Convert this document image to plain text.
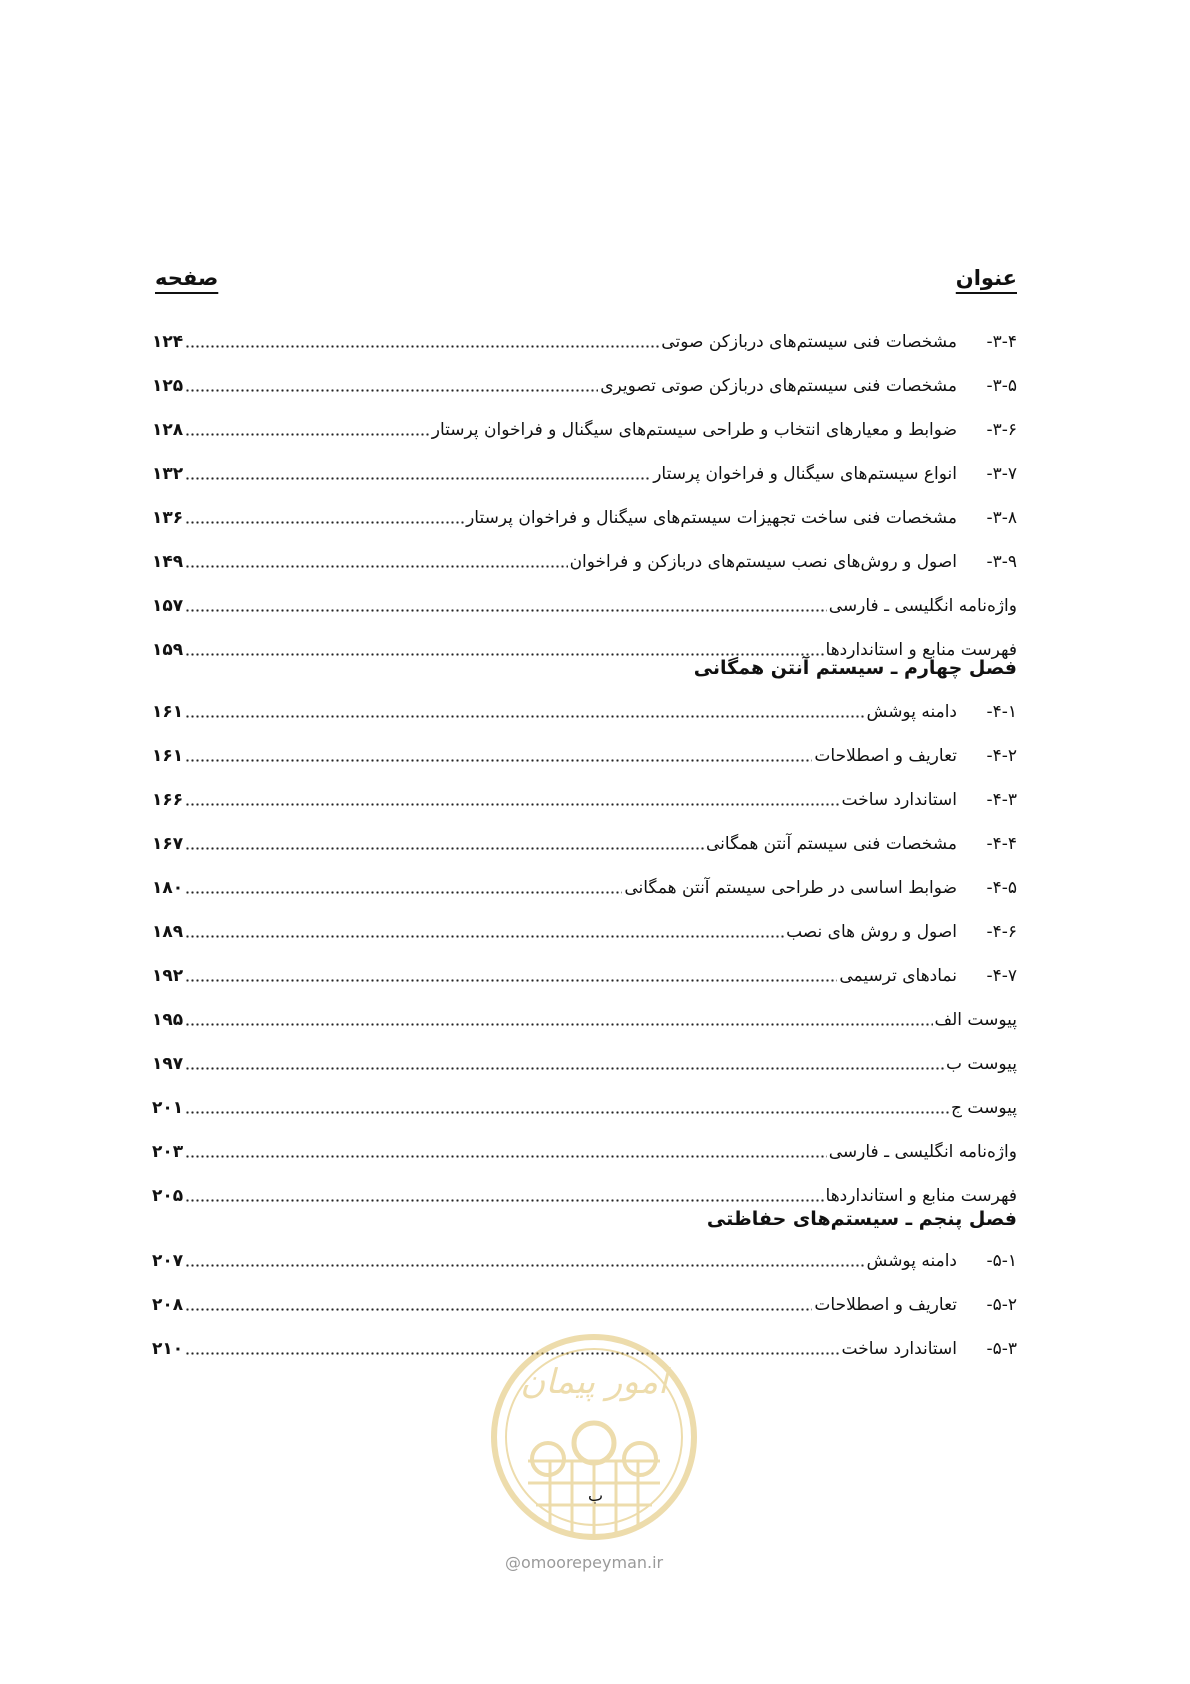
عنوان
صفحه
۳-۴-
مشخصات فنی سیستم‌های دربازکن صوتی
۱۲۴
۳-۵-
مشخصات فنی سیستم‌های دربازکن صوتی تصویری
۱۲۵
۳-۶-
ضوابط و معیارهای انتخاب و طراحی سیستم‌های سیگنال و فراخوان پرستار
۱۲۸
۳-۷-
انواع سیستم‌های سیگنال و فراخوان پرستار
۱۳۲
۳-۸-
مشخصات فنی ساخت تجهیزات سیستم‌های سیگنال و فراخوان پرستار
۱۳۶
۳-۹-
اصول و روش‌های نصب سیستم‌های دربازکن و فراخوان
۱۴۹
واژه‌نامه انگلیسی ـ فارسی
۱۵۷
فهرست منابع و استانداردها
۱۵۹
فصل چهارم ـ سیستم آنتن همگانی
۴-۱-
دامنه پوشش
۱۶۱
۴-۲-
تعاریف و اصطلاحات
۱۶۱
۴-۳-
استاندارد ساخت
۱۶۶
۴-۴-
مشخصات فنی سیستم آنتن همگانی
۱۶۷
۴-۵-
ضوابط اساسی در طراحی سیستم آنتن همگانی
۱۸۰
۴-۶-
اصول و روش های نصب
۱۸۹
۴-۷-
نمادهای ترسیمی
۱۹۲
پیوست الف
۱۹۵
پیوست ب
۱۹۷
پیوست ج
۲۰۱
واژه‌نامه انگلیسی ـ فارسی
۲۰۳
فهرست منابع و استانداردها
۲۰۵
فصل پنجم ـ سیستم‌های حفاظتی
۵-۱-
دامنه پوشش
۲۰۷
۵-۲-
تعاریف و اصطلاحات
۲۰۸
۵-۳-
استاندارد ساخت
۲۱۰
امور پیمان
ب
@omoorepeyman.ir
